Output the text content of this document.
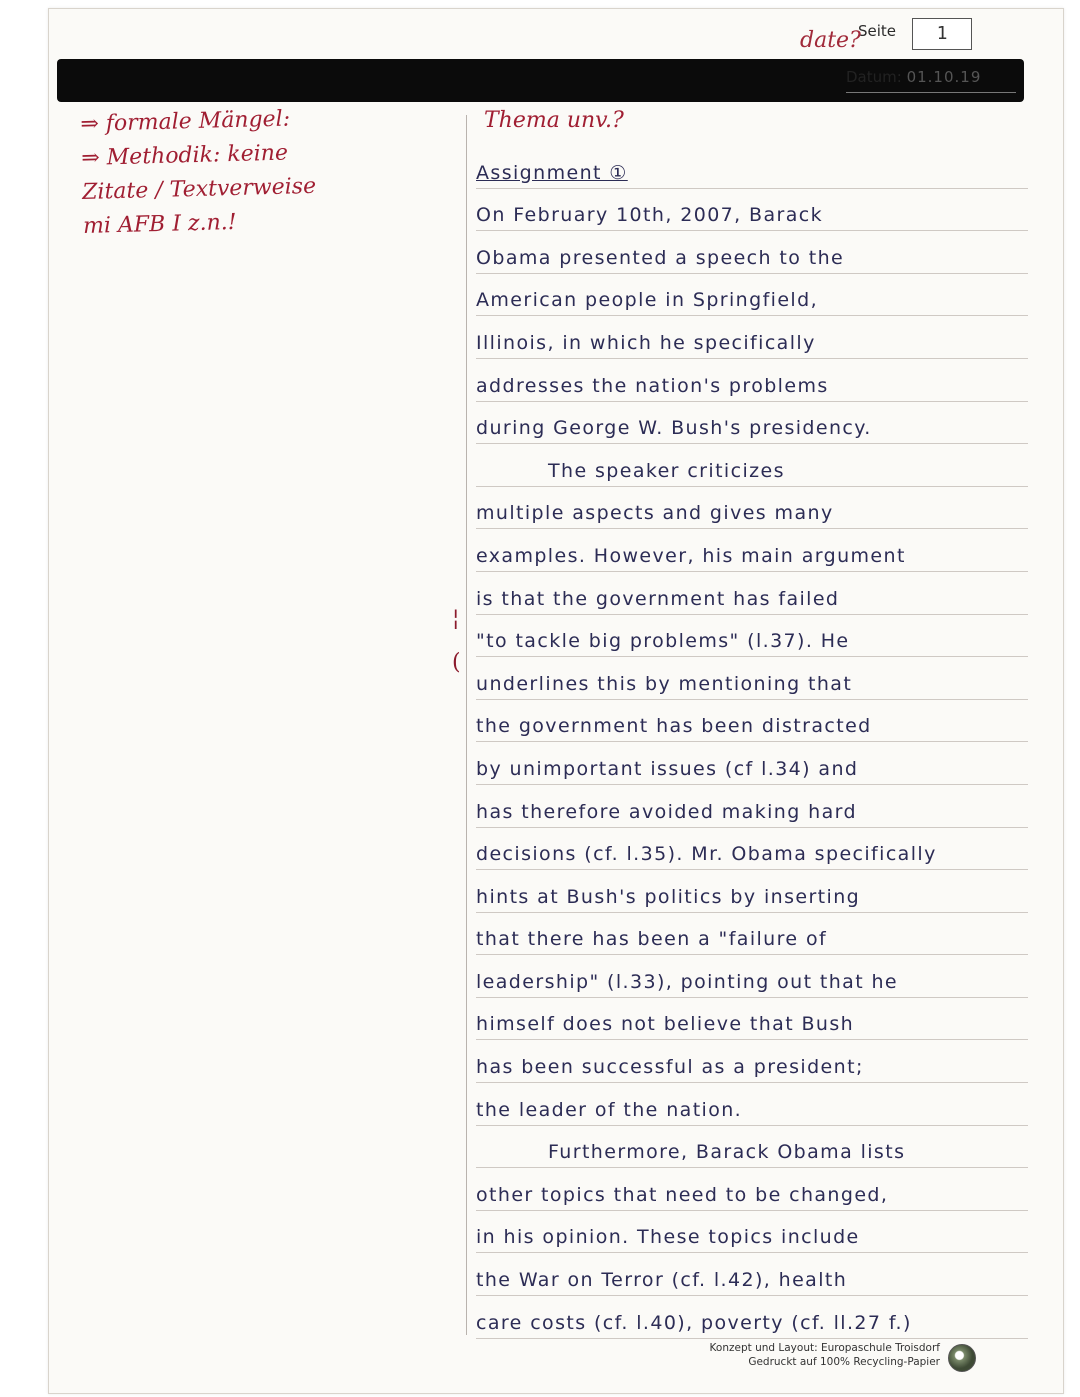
Seite	1
date?
Datum: 01.10.19
⇒ formale Mängel:
⇒ Methodik: keine
Zitate / Textverweise
mi AFB I z.n.!
Thema unv.?
¦
(
Assignment ①
On February 10th, 2007, Barack
Obama presented a speech to the
American people in Springfield,
Illinois, in which he specifically
addresses the nation's problems
during George W. Bush's presidency.
The speaker criticizes
multiple aspects and gives many
examples. However, his main argument
is that the government has failed
"to tackle big problems" (l.37). He
underlines this by mentioning that
the government has been distracted
by unimportant issues (cf l.34) and
has therefore avoided making hard
decisions (cf. l.35). Mr. Obama specifically
hints at Bush's politics by inserting
that there has been a "failure of
leadership" (l.33), pointing out that he
himself does not believe that Bush
has been successful as a president;
the leader of the nation.
Furthermore, Barack Obama lists
other topics that need to be changed,
in his opinion. These topics include
the War on Terror (cf. l.42), health
care costs (cf. l.40), poverty (cf. ll.27 f.)
Konzept und Layout: Europaschule Troisdorf
Gedruckt auf 100% Recycling-Papier
